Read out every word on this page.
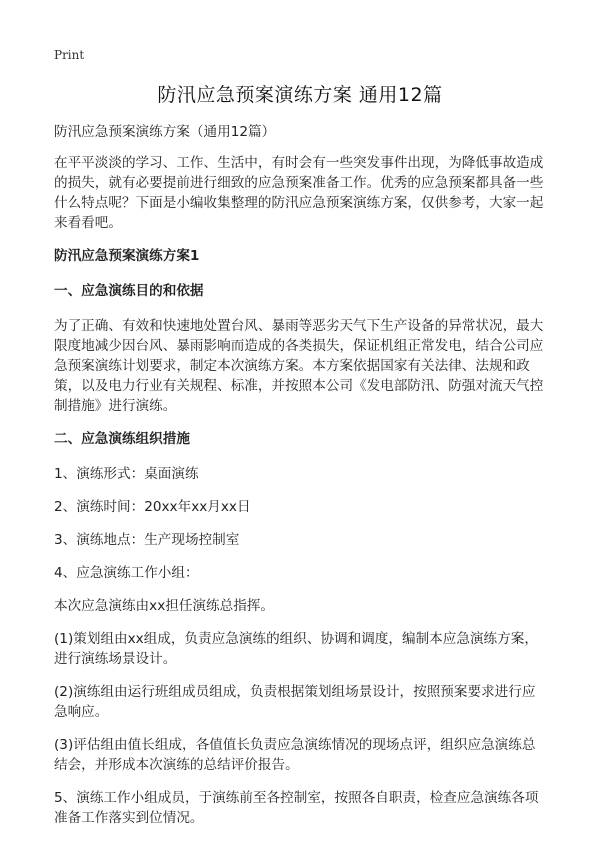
Print
防汛应急预案演练方案 通用12篇

防汛应急预案演练方案（通用12篇）

在平平淡淡的学习、工作、生活中，有时会有一些突发事件出现，为降低事故造成的损失，就有必要提前进行细致的应急预案准备工作。优秀的应急预案都具备一些什么特点呢？下面是小编收集整理的防汛应急预案演练方案，仅供参考，大家一起来看看吧。

防汛应急预案演练方案1

一、应急演练目的和依据

为了正确、有效和快速地处置台风、暴雨等恶劣天气下生产设备的异常状况，最大限度地减少因台风、暴雨影响而造成的各类损失，保证机组正常发电，结合公司应急预案演练计划要求，制定本次演练方案。本方案依据国家有关法律、法规和政策，以及电力行业有关规程、标准，并按照本公司《发电部防汛、防强对流天气控制措施》进行演练。

二、应急演练组织措施

1、演练形式：桌面演练

2、演练时间：20xx年xx月xx日

3、演练地点：生产现场控制室

4、应急演练工作小组：

本次应急演练由xx担任演练总指挥。

(1)策划组由xx组成，负责应急演练的组织、协调和调度，编制本应急演练方案，进行演练场景设计。

(2)演练组由运行班组成员组成，负责根据策划组场景设计，按照预案要求进行应急响应。

(3)评估组由值长组成，各值值长负责应急演练情况的现场点评，组织应急演练总结会，并形成本次演练的总结评价报告。

5、演练工作小组成员，于演练前至各控制室，按照各自职责，检查应急演练各项准备工作落实到位情况。
